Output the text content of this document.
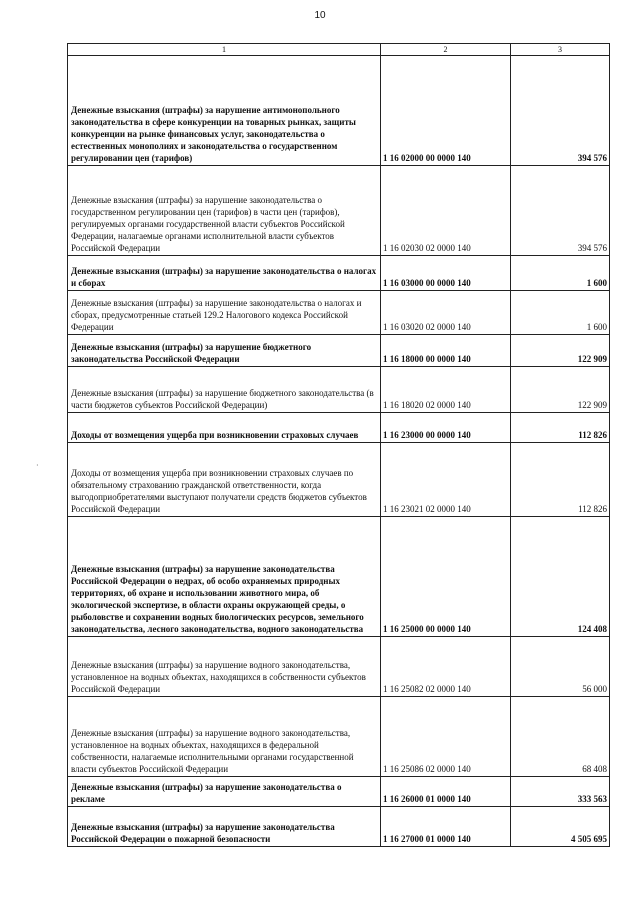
10
1	2	3
Денежные взыскания (штрафы) за нарушение антимонопольного законодательства в сфере конкуренции на товарных рынках, защиты конкуренции на рынке финансовых услуг, законодательства о естественных монополиях и законодательства о государственном регулировании цен (тарифов)	1 16 02000 00 0000 140	394 576
Денежные взыскания (штрафы) за нарушение законодательства о государственном регулировании цен (тарифов) в части цен (тарифов), регулируемых органами государственной власти субъектов Российской Федерации, налагаемые органами исполнительной власти субъектов Российской Федерации	1 16 02030 02 0000 140	394 576
Денежные взыскания (штрафы) за нарушение законодательства о налогах и сборах	1 16 03000 00 0000 140	1 600
Денежные взыскания (штрафы) за нарушение законодательства о налогах и сборах, предусмотренные статьей 129.2 Налогового кодекса Российской Федерации	1 16 03020 02 0000 140	1 600
Денежные взыскания (штрафы) за нарушение бюджетного законодательства Российской Федерации	1 16 18000 00 0000 140	122 909
Денежные взыскания (штрафы) за нарушение бюджетного законодательства (в части бюджетов субъектов Российской Федерации)	1 16 18020 02 0000 140	122 909
Доходы от возмещения ущерба при возникновении страховых случаев	1 16 23000 00 0000 140	112 826
Доходы от возмещения ущерба при возникновении страховых случаев по обязательному страхованию гражданской ответственности, когда выгодоприобретателями выступают получатели средств бюджетов субъектов Российской Федерации	1 16 23021 02 0000 140	112 826
Денежные взыскания (штрафы) за нарушение законодательства Российской Федерации о недрах, об особо охраняемых природных территориях, об охране и использовании животного мира, об экологической экспертизе, в области охраны окружающей среды, о рыболовстве и сохранении водных биологических ресурсов, земельного законодательства, лесного законодательства, водного законодательства	1 16 25000 00 0000 140	124 408
Денежные взыскания (штрафы) за нарушение водного законодательства, установленное на водных объектах, находящихся в собственности субъектов Российской Федерации	1 16 25082 02 0000 140	56 000
Денежные взыскания (штрафы) за нарушение водного законодательства, установленное на водных объектах, находящихся в федеральной собственности, налагаемые исполнительными органами государственной власти субъектов Российской Федерации	1 16 25086 02 0000 140	68 408
Денежные взыскания (штрафы) за нарушение законодательства о рекламе	1 16 26000 01 0000 140	333 563
Денежные взыскания (штрафы) за нарушение законодательства Российской Федерации о пожарной безопасности	1 16 27000 01 0000 140	4 505 695
·
